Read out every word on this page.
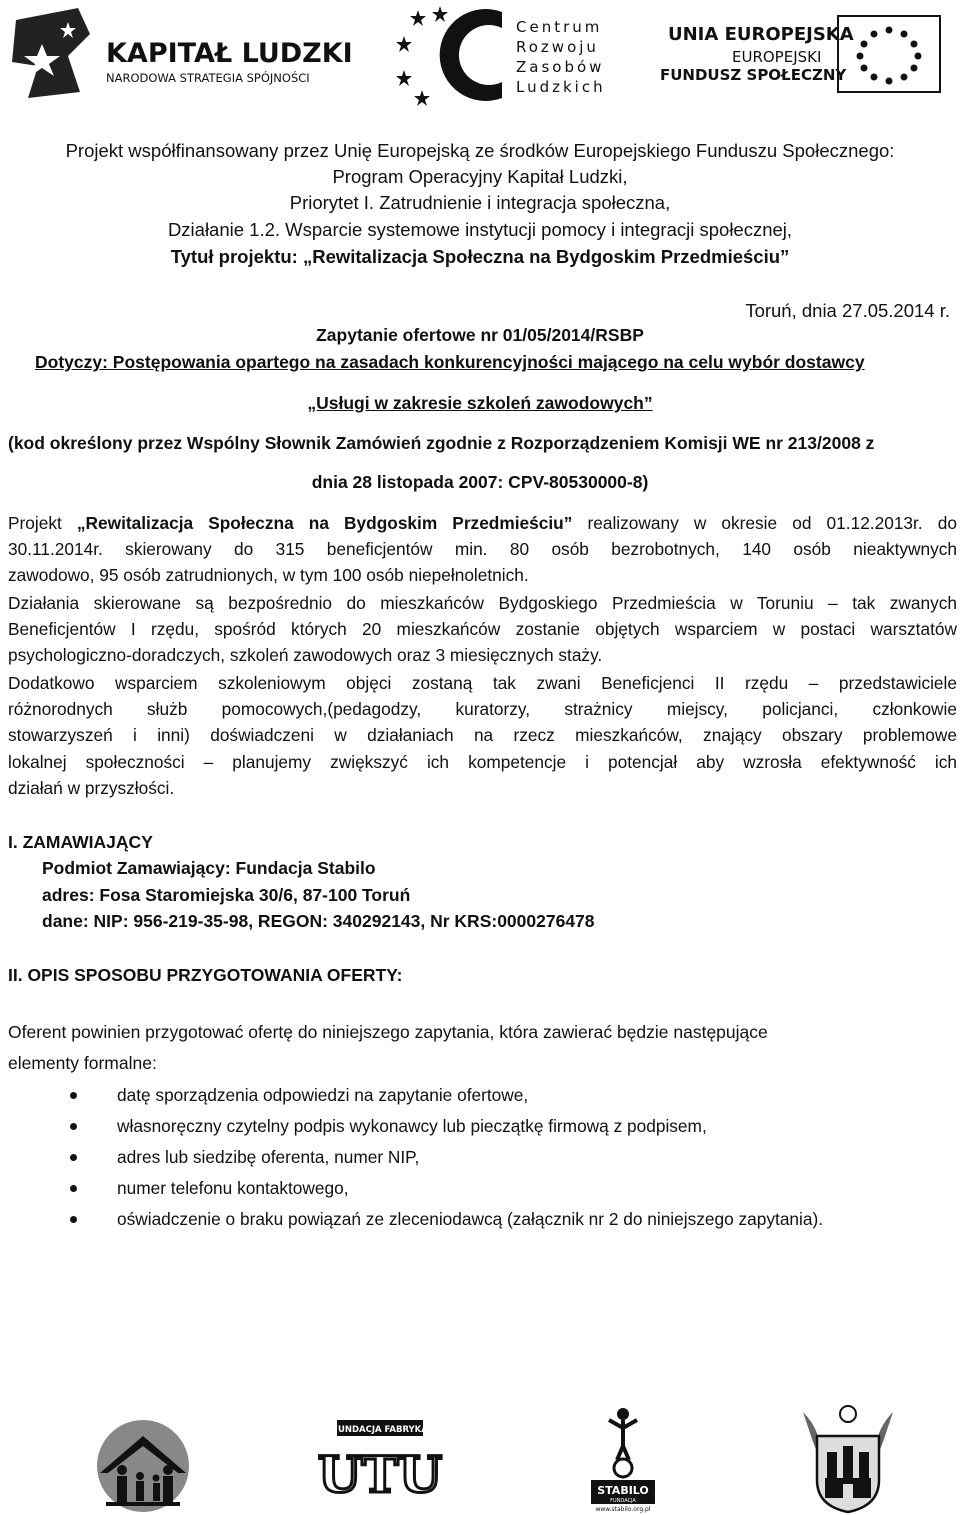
KAPITAŁ LUDZKI
NARODOWA STRATEGIA SPÓJNOŚCI
Centrum
Rozwoju
Zasobów
Ludzkich
UNIA EUROPEJSKA
EUROPEJSKI
FUNDUSZ SPOŁECZNY
Projekt współfinansowany przez Unię Europejską ze środków Europejskiego Funduszu Społecznego:
Program Operacyjny Kapitał Ludzki,
Priorytet I. Zatrudnienie i integracja społeczna,
Działanie 1.2. Wsparcie systemowe instytucji pomocy i integracji społecznej,
Tytuł projektu: „Rewitalizacja Społeczna na Bydgoskim Przedmieściu”
Toruń, dnia 27.05.2014 r.
Zapytanie ofertowe nr 01/05/2014/RSBP
Dotyczy: Postępowania opartego na zasadach konkurencyjności mającego na celu wybór dostawcy
„Usługi w zakresie szkoleń zawodowych”
(kod określony przez Wspólny Słownik Zamówień zgodnie z Rozporządzeniem Komisji WE nr 213/2008 z
dnia 28 listopada 2007: CPV-80530000-8)
Projekt „Rewitalizacja Społeczna na Bydgoskim Przedmieściu” realizowany w okresie od 01.12.2013r. do
30.11.2014r. skierowany do 315 beneficjentów min. 80 osób bezrobotnych, 140 osób nieaktywnych
zawodowo, 95 osób zatrudnionych, w tym 100 osób niepełnoletnich.
Działania skierowane są bezpośrednio do mieszkańców Bydgoskiego Przedmieścia w Toruniu – tak zwanych
Beneficjentów I rzędu, spośród których 20 mieszkańców zostanie objętych wsparciem w postaci warsztatów
psychologiczno-doradczych, szkoleń zawodowych oraz 3 miesięcznych staży.
Dodatkowo wsparciem szkoleniowym objęci zostaną tak zwani Beneficjenci II rzędu – przedstawiciele
różnorodnych służb pomocowych,(pedagodzy, kuratorzy, strażnicy miejscy, policjanci, członkowie
stowarzyszeń i inni) doświadczeni w działaniach na rzecz mieszkańców, znający obszary problemowe
lokalnej społeczności – planujemy zwiększyć ich kompetencje i potencjał aby wzrosła efektywność ich
działań w przyszłości.
I. ZAMAWIAJĄCY
Podmiot Zamawiający: Fundacja Stabilo
adres: Fosa Staromiejska 30/6, 87-100 Toruń
dane: NIP: 956-219-35-98, REGON: 340292143, Nr KRS:0000276478
II. OPIS SPOSOBU PRZYGOTOWANIA OFERTY:
Oferent powinien przygotować ofertę do niniejszego zapytania, która zawierać będzie następujące
elementy formalne:
datę sporządzenia odpowiedzi na zapytanie ofertowe,
własnoręczny czytelny podpis wykonawcy lub pieczątkę firmową z podpisem,
adres lub siedzibę oferenta, numer NIP,
numer telefonu kontaktowego,
oświadczenie o braku powiązań ze zleceniodawcą (załącznik nr 2 do niniejszego zapytania).
FUNDACJA FABRYKA
UTU	STABILO
FUNDACJA
www.stabilo.org.pl
